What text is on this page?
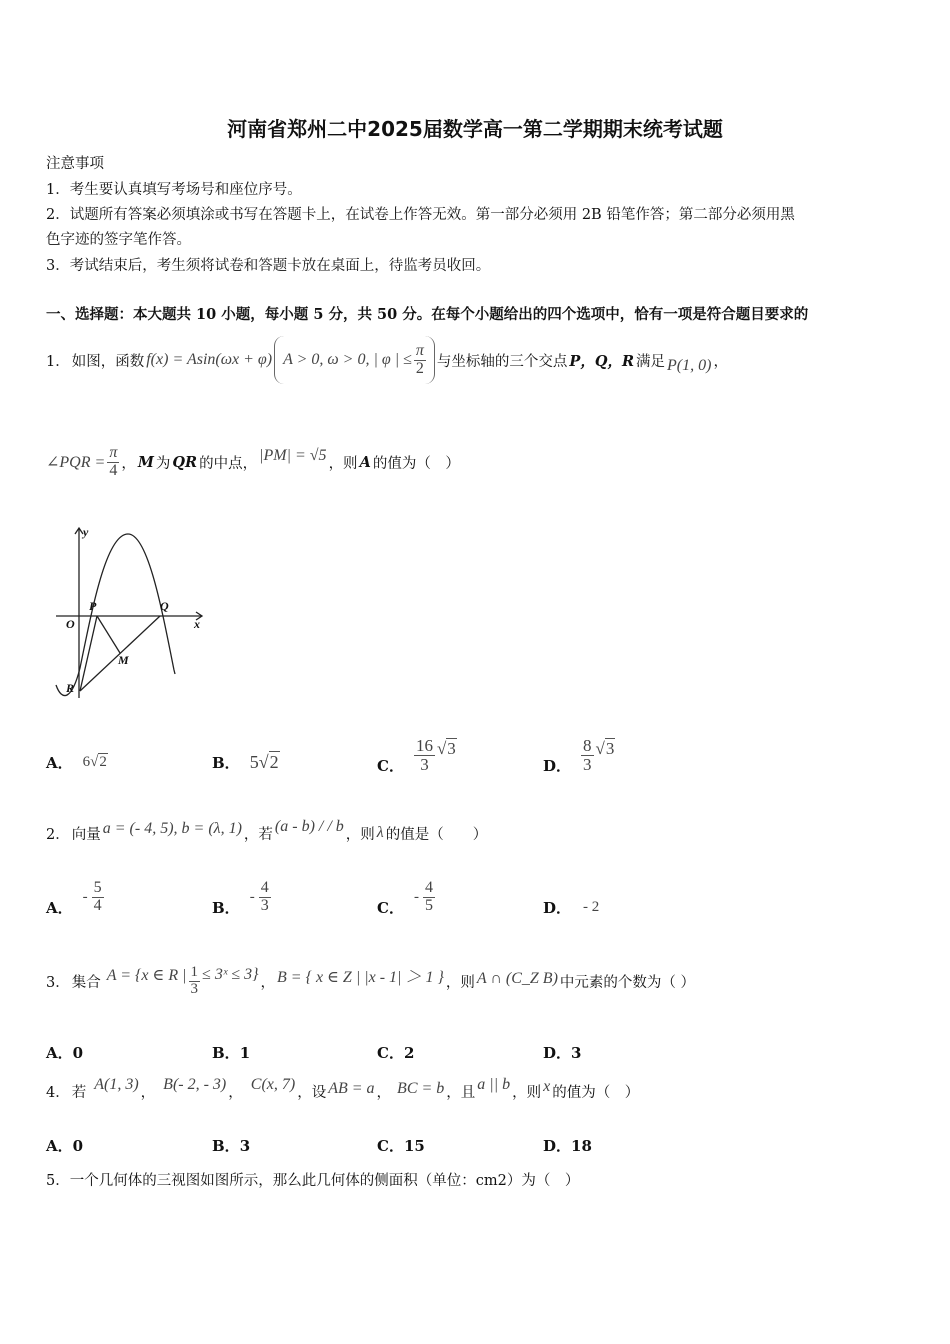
河南省郑州二中2025届数学高一第二学期期末统考试题
注意事项
1．考生要认真填写考场号和座位序号。
2．试题所有答案必须填涂或书写在答题卡上，在试卷上作答无效。第一部分必须用 2B 铅笔作答；第二部分必须用黑
色字迹的签字笔作答。
3．考试结束后，考生须将试卷和答题卡放在桌面上，待监考员收回。
一、选择题：本大题共 10 小题，每小题 5 分，共 50 分。在每个小题给出的四个选项中，恰有一项是符合题目要求的
1． 如图，函数 f(x) = Asin(ωx + φ) A > 0, ω > 0, | φ | ≤ $\frac{\pi}{2}$ 与坐标轴的三个交点 P，Q，R 满足 P(1, 0) ，
∠PQR = $\frac{\pi}{4}$ ， M 为 QR 的中点， |PM| = √5 ，则 A 的值为（　）
y
x
O
P	Q
M
R
A． 6√2	B． 5√2	C． $\frac{16}{3} √3$
D． $\frac{8}{3} √3$
2． 向量 a = (- 4, 5), b = (λ, 1) ，若 (a - b) / / b ，则 λ 的值是（　　）
A．
- $\frac{5}{4}$	B．
- $\frac{4}{3}$	C．
- $\frac{4}{5}$	D． - 2
3． 集合 A = {x ∈ R | $\frac{1}{3}$ ≤ 3ˣ ≤ 3} ， B = { x ∈ Z | |x - 1| ＞ 1 } ，则 A ∩ (C_Z B) 中元素的个数为（ ）
A．0	B．1	C．2	D．3
4． 若 A(1, 3) ， B(- 2, - 3) ， C(x, 7) ，设 AB = a ， BC = b ，且 a || b ，则 x 的值为（　）
A．0	B．3	C．15	D．18
5．一个几何体的三视图如图所示，那么此几何体的侧面积（单位：cm2）为（　）
